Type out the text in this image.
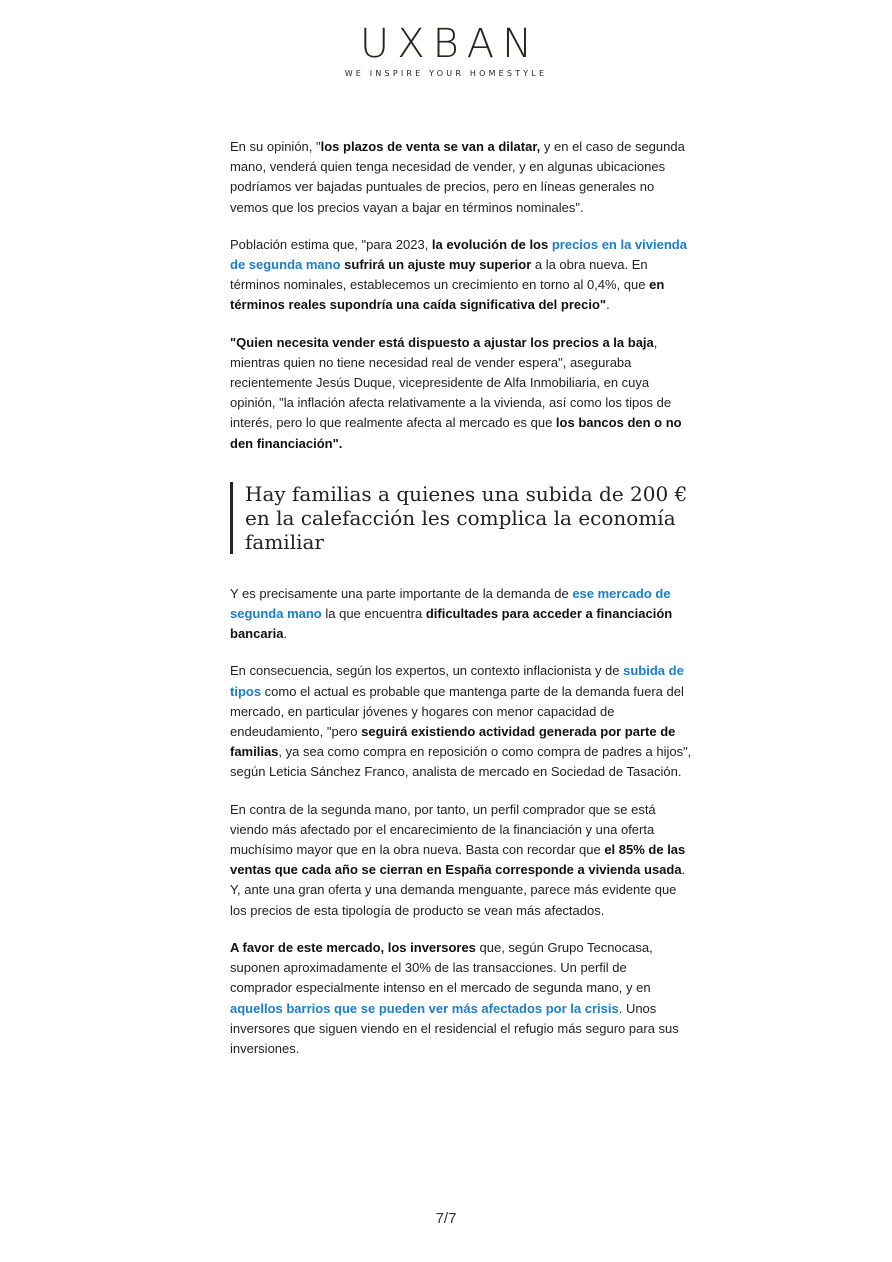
UXBAN
WE INSPIRE YOUR HOMESTYLE

En su opinión, "los plazos de venta se van a dilatar, y en el caso de segunda mano, venderá quien tenga necesidad de vender, y en algunas ubicaciones podríamos ver bajadas puntuales de precios, pero en líneas generales no vemos que los precios vayan a bajar en términos nominales".

Población estima que, "para 2023, la evolución de los precios en la vivienda de segunda mano sufrirá un ajuste muy superior a la obra nueva. En términos nominales, establecemos un crecimiento en torno al 0,4%, que en términos reales supondría una caída significativa del precio".

"Quien necesita vender está dispuesto a ajustar los precios a la baja, mientras quien no tiene necesidad real de vender espera", aseguraba recientemente Jesús Duque, vicepresidente de Alfa Inmobiliaria, en cuya opinión, "la inflación afecta relativamente a la vivienda, así como los tipos de interés, pero lo que realmente afecta al mercado es que los bancos den o no den financiación".

Hay familias a quienes una subida de 200 € en la calefacción les complica la economía familiar

Y es precisamente una parte importante de la demanda de ese mercado de segunda mano la que encuentra dificultades para acceder a financiación bancaria.

En consecuencia, según los expertos, un contexto inflacionista y de subida de tipos como el actual es probable que mantenga parte de la demanda fuera del mercado, en particular jóvenes y hogares con menor capacidad de endeudamiento, "pero seguirá existiendo actividad generada por parte de familias, ya sea como compra en reposición o como compra de padres a hijos", según Leticia Sánchez Franco, analista de mercado en Sociedad de Tasación.

En contra de la segunda mano, por tanto, un perfil comprador que se está viendo más afectado por el encarecimiento de la financiación y una oferta muchísimo mayor que en la obra nueva. Basta con recordar que el 85% de las ventas que cada año se cierran en España corresponde a vivienda usada. Y, ante una gran oferta y una demanda menguante, parece más evidente que los precios de esta tipología de producto se vean más afectados.

A favor de este mercado, los inversores que, según Grupo Tecnocasa, suponen aproximadamente el 30% de las transacciones. Un perfil de comprador especialmente intenso en el mercado de segunda mano, y en aquellos barrios que se pueden ver más afectados por la crisis. Unos inversores que siguen viendo en el residencial el refugio más seguro para sus inversiones.

7/7
